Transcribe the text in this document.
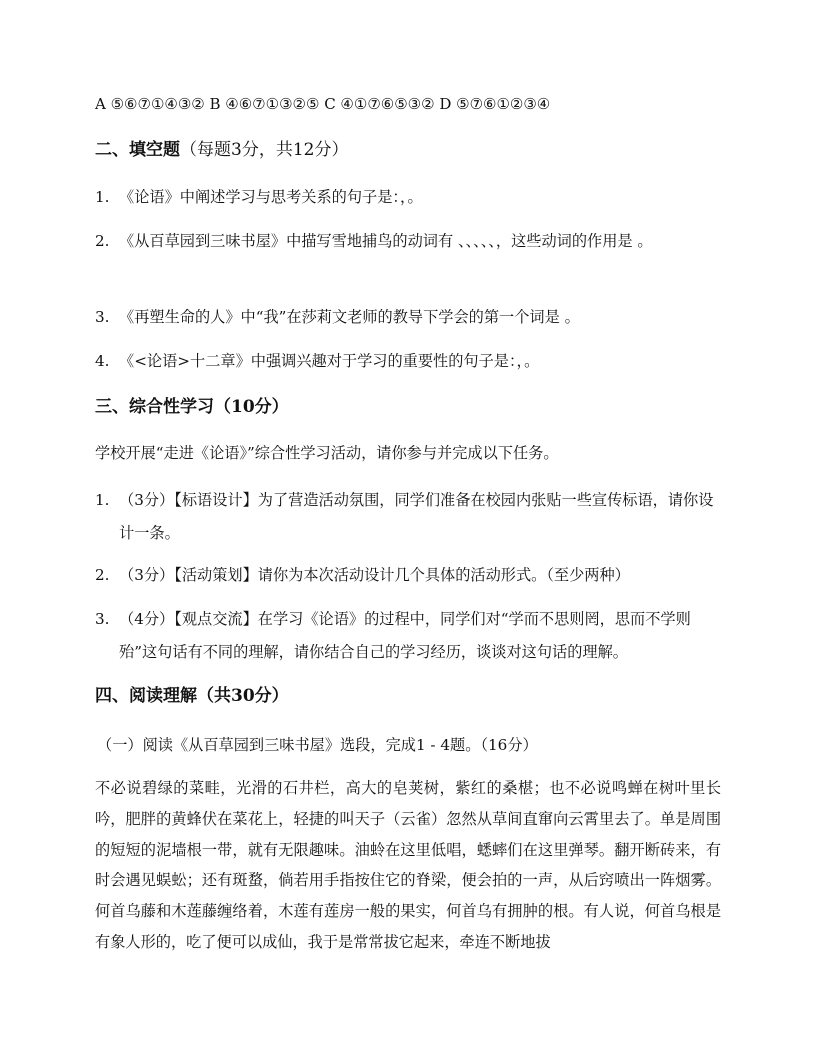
A ⑤⑥⑦①④③② B ④⑥⑦①③②⑤ C ④①⑦⑥⑤③② D ⑤⑦⑥①②③④
二、填空题（每题3分，共12分）
1. 《论语》中阐述学习与思考关系的句子是：，。
2. 《从百草园到三味书屋》中描写雪地捕鸟的动词有 、、、、、，这些动词的作用是 。
3. 《再塑生命的人》中“我”在莎莉文老师的教导下学会的第一个词是 。
4. 《<论语>十二章》中强调兴趣对于学习的重要性的句子是：，。
三、综合性学习（10分）
学校开展“走进《论语》”综合性学习活动，请你参与并完成以下任务。
1. （3分）【标语设计】为了营造活动氛围，同学们准备在校园内张贴一些宣传标语，请你设计一条。
2. （3分）【活动策划】请你为本次活动设计几个具体的活动形式。（至少两种）
3. （4分）【观点交流】在学习《论语》的过程中，同学们对“学而不思则罔，思而不学则殆”这句话有不同的理解，请你结合自己的学习经历，谈谈对这句话的理解。
四、阅读理解（共30分）
（一）阅读《从百草园到三味书屋》选段，完成1 - 4题。（16分）
不必说碧绿的菜畦，光滑的石井栏，高大的皂荚树，紫红的桑椹；也不必说鸣蝉在树叶里长吟，肥胖的黄蜂伏在菜花上，轻捷的叫天子（云雀）忽然从草间直窜向云霄里去了。单是周围的短短的泥墙根一带，就有无限趣味。油蛉在这里低唱，蟋蟀们在这里弹琴。翻开断砖来，有时会遇见蜈蚣；还有斑蝥，倘若用手指按住它的脊梁，便会拍的一声，从后窍喷出一阵烟雾。何首乌藤和木莲藤缠络着，木莲有莲房一般的果实，何首乌有拥肿的根。有人说，何首乌根是有象人形的，吃了便可以成仙，我于是常常拔它起来，牵连不断地拔
